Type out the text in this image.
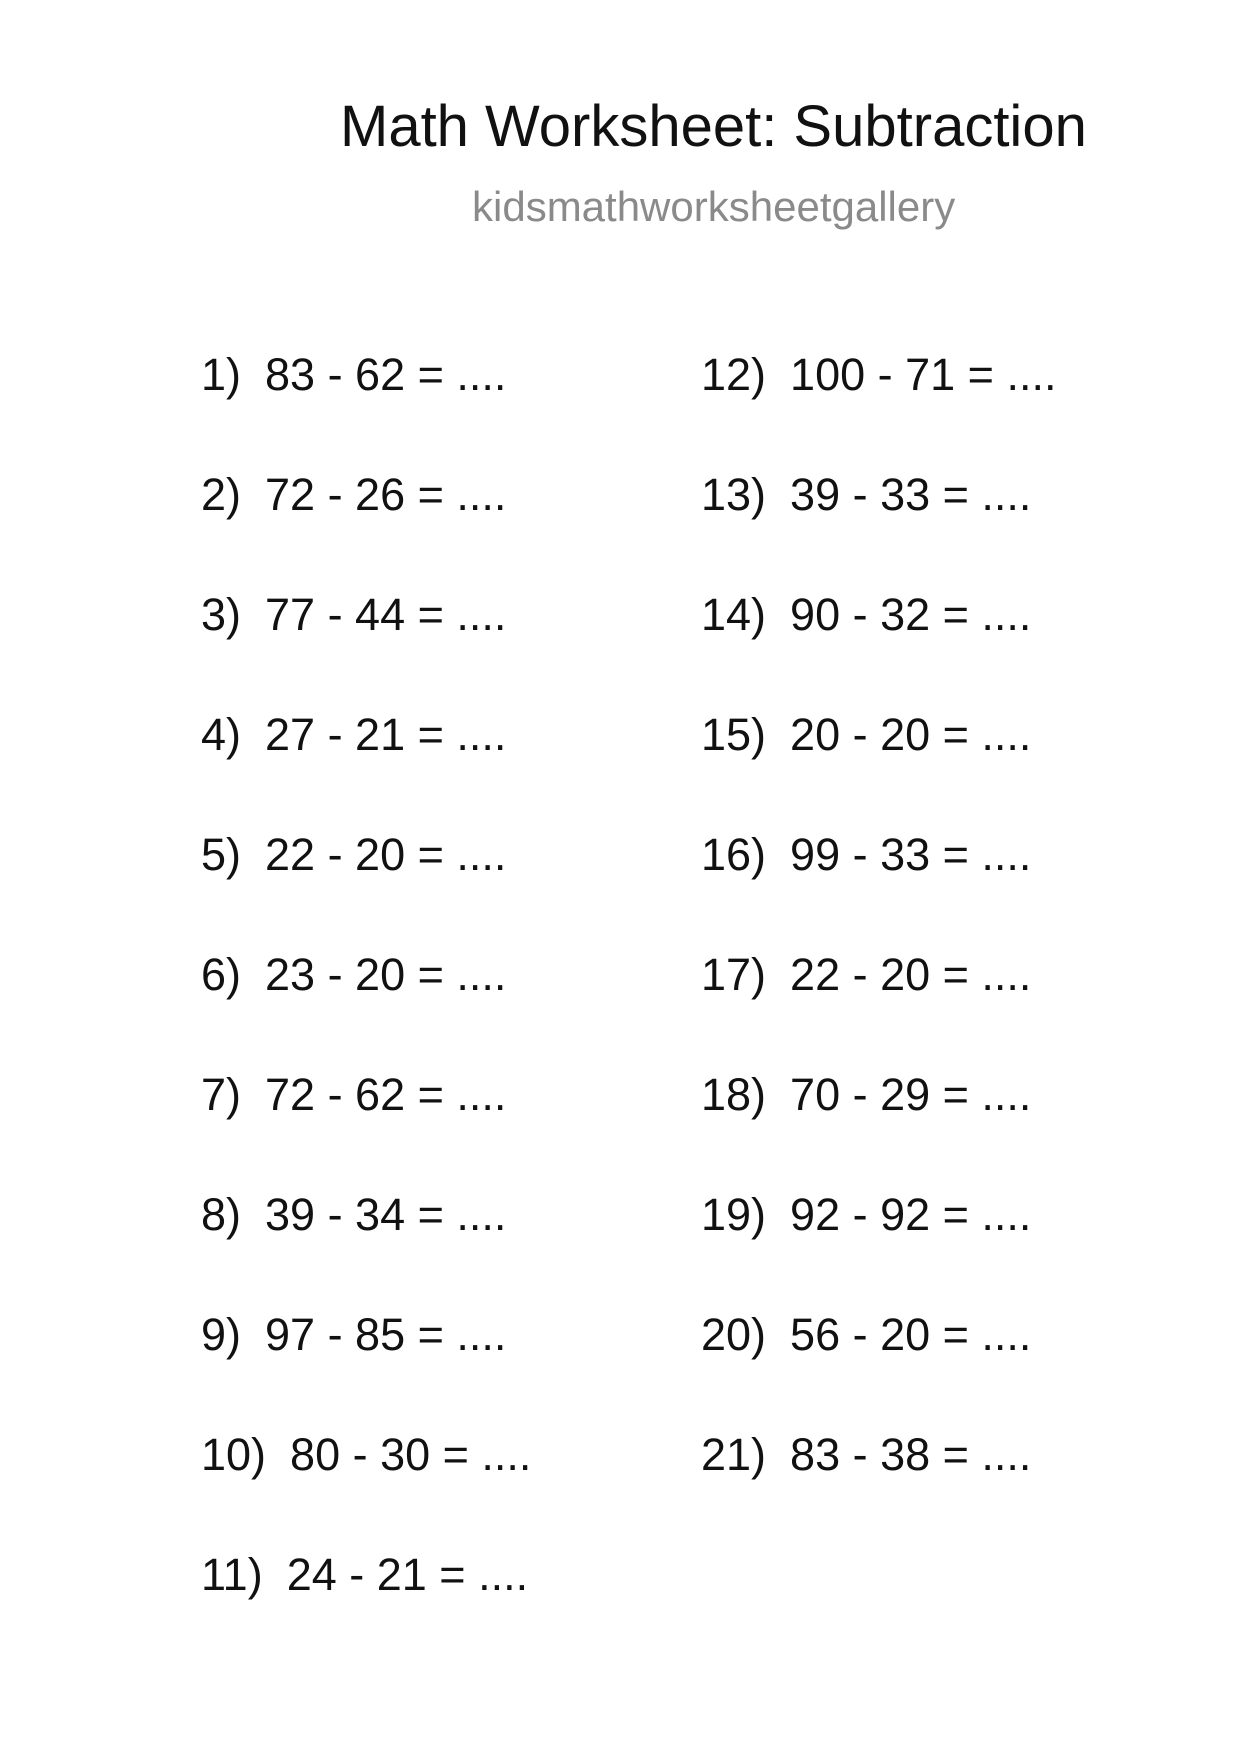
Math Worksheet: Subtraction
kidsmathworksheetgallery
1) 83 - 62 = ....
2) 72 - 26 = ....
3) 77 - 44 = ....
4) 27 - 21 = ....
5) 22 - 20 = ....
6) 23 - 20 = ....
7) 72 - 62 = ....
8) 39 - 34 = ....
9) 97 - 85 = ....
10) 80 - 30 = ....
11) 24 - 21 = ....
12) 100 - 71 = ....
13) 39 - 33 = ....
14) 90 - 32 = ....
15) 20 - 20 = ....
16) 99 - 33 = ....
17) 22 - 20 = ....
18) 70 - 29 = ....
19) 92 - 92 = ....
20) 56 - 20 = ....
21) 83 - 38 = ....
